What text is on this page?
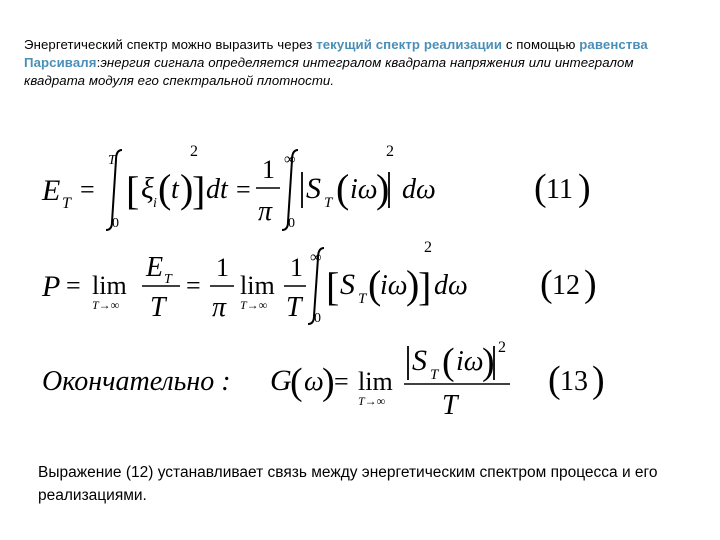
Энергетический спектр можно выразить через текущий спектр реализации с помощью равенства Парсиваля:энергия сигнала определяется интегралом квадрата напряжения или интегралом квадрата модуля его спектральной плотности.
E T =
T
0
[ ξ i ( t )
]
2
dt =
1
π
∞
0
S T ( iω
)
2
dω	( 11 )
P = lim
T→∞
E T
T
=
1
π
lim
T→∞
1
T
∞
0
[ S T (
iω
)
]
2
dω ( 12 )
Окончательно : G
( ω
) = lim
T→∞
S T ( iω
) 2
T
( 13 )
Выражение (12) устанавливает связь между энергетическим спектром процесса и его реализациями.
